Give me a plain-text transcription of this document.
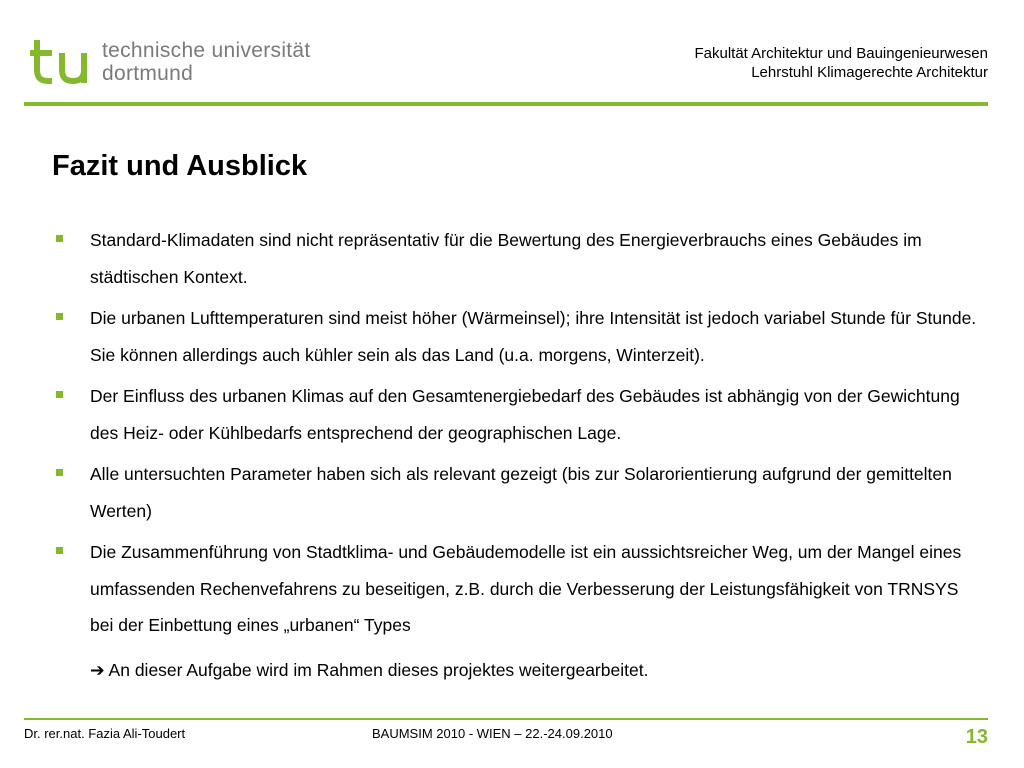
technische universität
dortmund
Fakultät Architektur und Bauingenieurwesen
Lehrstuhl Klimagerechte Architektur
Fazit und Ausblick
Standard-Klimadaten sind nicht repräsentativ für die Bewertung des Energieverbrauchs eines Gebäudes im städtischen Kontext.
Die urbanen Lufttemperaturen sind meist höher (Wärmeinsel); ihre Intensität ist jedoch variabel Stunde für Stunde. Sie können allerdings auch kühler sein als das Land (u.a. morgens, Winterzeit).
Der Einfluss des urbanen Klimas auf den Gesamtenergiebedarf des Gebäudes ist abhängig von der Gewichtung des Heiz- oder Kühlbedarfs entsprechend der geographischen Lage.
Alle untersuchten Parameter haben sich als relevant gezeigt (bis zur Solarorientierung aufgrund der gemittelten Werten)
Die Zusammenführung von Stadtklima- und Gebäudemodelle ist ein aussichtsreicher Weg, um der Mangel eines umfassenden Rechenvefahrens zu beseitigen, z.B. durch die Verbesserung der Leistungsfähigkeit von TRNSYS bei der Einbettung eines „urbanen“ Types
➔ An dieser Aufgabe wird im Rahmen dieses projektes weitergearbeitet.
Dr. rer.nat. Fazia Ali-Toudert	BAUMSIM 2010 - WIEN – 22.-24.09.2010	13
